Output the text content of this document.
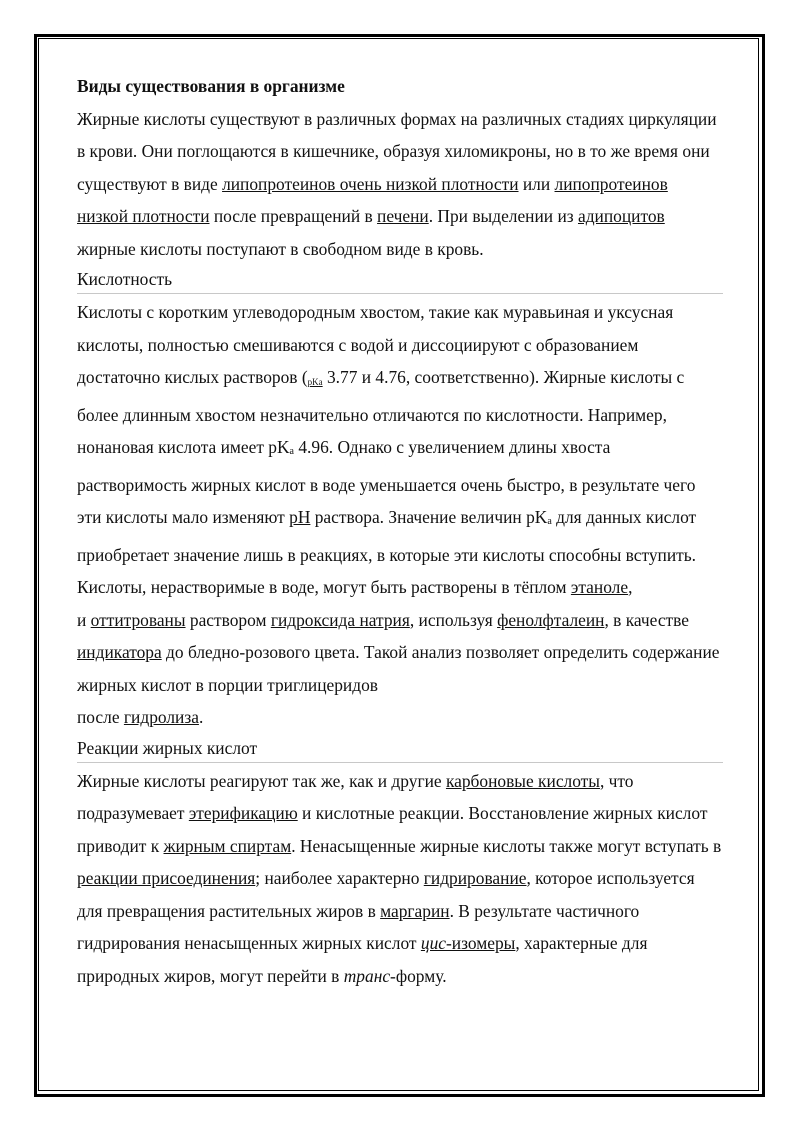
Виды существования в организме

Жирные кислоты существуют в различных формах на различных стадиях циркуляции в крови. Они поглощаются в кишечнике, образуя хиломикроны, но в то же время они существуют в виде липопротеинов очень низкой плотности или липопротеинов низкой плотности после превращений в печени. При выделении из адипоцитов жирные кислоты поступают в свободном виде в кровь.

Кислотность

Кислоты с коротким углеводородным хвостом, такие как муравьиная и уксусная кислоты, полностью смешиваются с водой и диссоциируют с образованием достаточно кислых растворов (pKa 3.77 и 4.76, соответственно). Жирные кислоты с более длинным хвостом незначительно отличаются по кислотности. Например, нонановая кислота имеет pKa 4.96. Однако с увеличением длины хвоста растворимость жирных кислот в воде уменьшается очень быстро, в результате чего эти кислоты мало изменяют pH раствора. Значение величин pKa для данных кислот приобретает значение лишь в реакциях, в которые эти кислоты способны вступить. Кислоты, нерастворимые в воде, могут быть растворены в тёплом этаноле,
и оттитрованы раствором гидроксида натрия, используя фенолфталеин, в качестве индикатора до бледно-розового цвета. Такой анализ позволяет определить содержание жирных кислот в порции триглицеридов
после гидролиза.

Реакции жирных кислот

Жирные кислоты реагируют так же, как и другие карбоновые кислоты, что подразумевает этерификацию и кислотные реакции. Восстановление жирных кислот приводит к жирным спиртам. Ненасыщенные жирные кислоты также могут вступать в реакции присоединения; наиболее характерно гидрирование, которое используется для превращения растительных жиров в маргарин. В результате частичного гидрирования ненасыщенных жирных кислот цис-изомеры, характерные для природных жиров, могут перейти в транс-форму.
